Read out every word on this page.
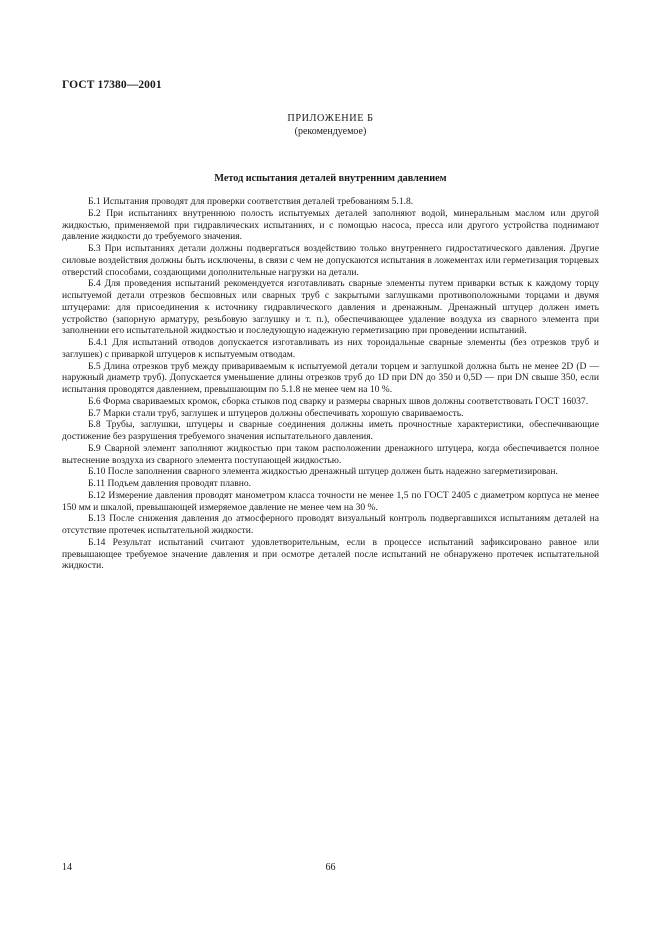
ГОСТ 17380—2001
ПРИЛОЖЕНИЕ Б
(рекомендуемое)
Метод испытания деталей внутренним давлением

Б.1 Испытания проводят для проверки соответствия деталей требованиям 5.1.8.

Б.2 При испытаниях внутреннюю полость испытуемых деталей заполняют водой, минеральным маслом или другой жидкостью, применяемой при гидравлических испытаниях, и с помощью насоса, пресса или другого устройства поднимают давление жидкости до требуемого значения.

Б.3 При испытаниях детали должны подвергаться воздействию только внутреннего гидростатического давления. Другие силовые воздействия должны быть исключены, в связи с чем не допускаются испытания в ложементах или герметизация торцевых отверстий способами, создающими дополнительные нагрузки на детали.

Б.4 Для проведения испытаний рекомендуется изготавливать сварные элементы путем приварки встык к каждому торцу испытуемой детали отрезков бесшовных или сварных труб с закрытыми заглушками противоположными торцами и двумя штуцерами: для присоединения к источнику гидравлического давления и дренажным. Дренажный штуцер должен иметь устройство (запорную арматуру, резьбовую заглушку и т. п.), обеспечивающее удаление воздуха из сварного элемента при заполнении его испытательной жидкостью и последующую надежную герметизацию при проведении испытаний.

Б.4.1 Для испытаний отводов допускается изготавливать из них тороидальные сварные элементы (без отрезков труб и заглушек) с приваркой штуцеров к испытуемым отводам.

Б.5 Длина отрезков труб между привариваемым к испытуемой детали торцем и заглушкой должна быть не менее 2D (D — наружный диаметр труб). Допускается уменьшение длины отрезков труб до 1D при DN до 350 и 0,5D — при DN свыше 350, если испытания проводятся давлением, превышающим по 5.1.8 не менее чем на 10 %.

Б.6 Форма свариваемых кромок, сборка стыков под сварку и размеры сварных швов должны соответствовать ГОСТ 16037.

Б.7 Марки стали труб, заглушек и штуцеров должны обеспечивать хорошую свариваемость.

Б.8 Трубы, заглушки, штуцеры и сварные соединения должны иметь прочностные характеристики, обеспечивающие достижение без разрушения требуемого значения испытательного давления.

Б.9 Сварной элемент заполняют жидкостью при таком расположении дренажного штуцера, когда обеспечивается полное вытеснение воздуха из сварного элемента поступающей жидкостью.

Б.10 После заполнения сварного элемента жидкостью дренажный штуцер должен быть надежно загерметизирован.

Б.11 Подъем давления проводят плавно.

Б.12 Измерение давления проводят манометром класса точности не менее 1,5 по ГОСТ 2405 с диаметром корпуса не менее 150 мм и шкалой, превышающей измеряемое давление не менее чем на 30 %.

Б.13 После снижения давления до атмосферного проводят визуальный контроль подвергавшихся испытаниям деталей на отсутствие протечек испытательной жидкости.

Б.14 Результат испытаний считают удовлетворительным, если в процессе испытаний зафиксировано равное или превышающее требуемое значение давления и при осмотре деталей после испытаний не обнаружено протечек испытательной жидкости.

14	66
